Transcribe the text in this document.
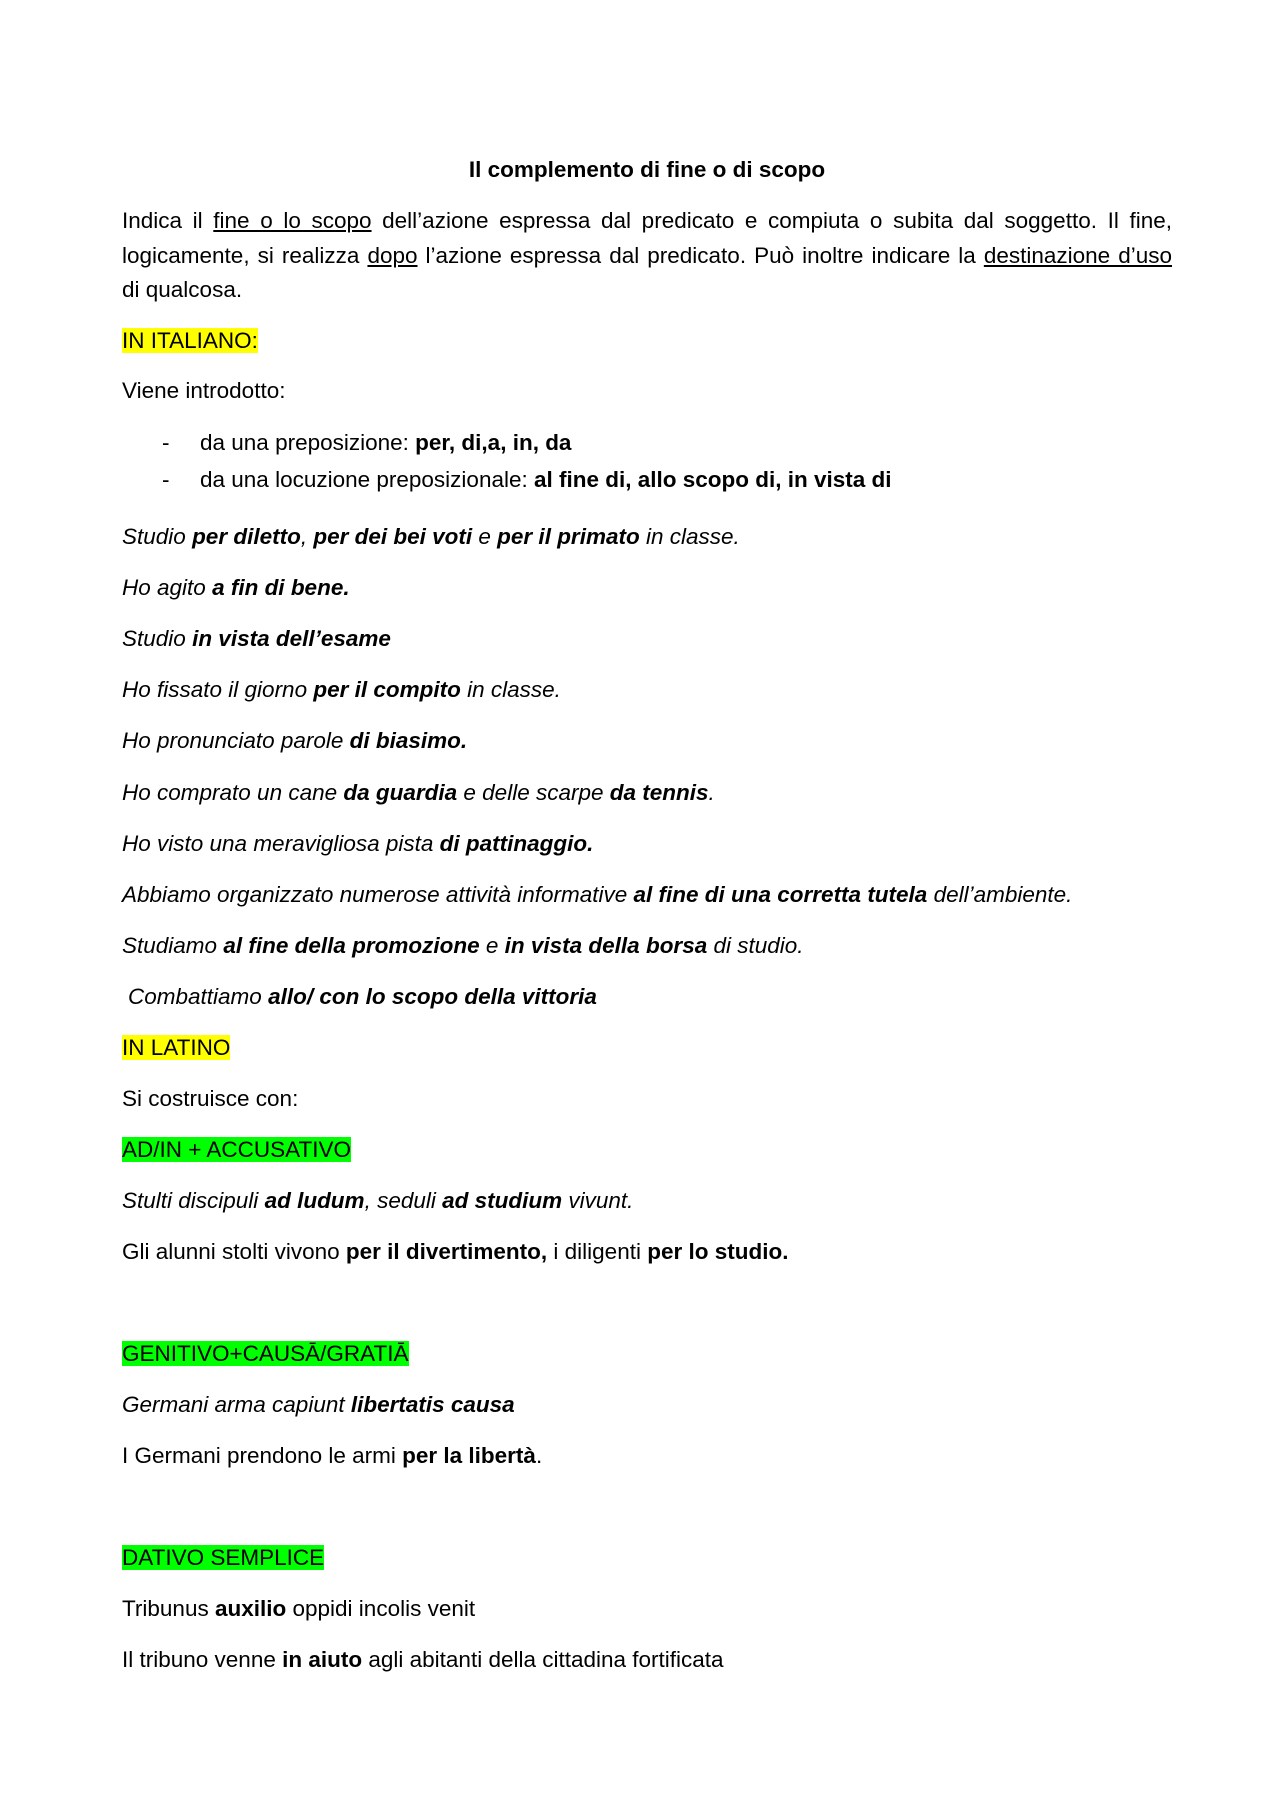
Il complemento di fine o di scopo
Indica il fine o lo scopo dell’azione espressa dal predicato e compiuta o subita dal soggetto. Il fine, logicamente, si realizza dopo l’azione espressa dal predicato. Può inoltre indicare la destinazione d’uso di qualcosa.
IN ITALIANO:
Viene introdotto:
- da una preposizione: per, di,a, in, da
- da una locuzione preposizionale: al fine di, allo scopo di, in vista di
Studio per diletto, per dei bei voti e per il primato in classe.
Ho agito a fin di bene.
Studio in vista dell’esame
Ho fissato il giorno per il compito in classe.
Ho pronunciato parole di biasimo.
Ho comprato un cane da guardia e delle scarpe da tennis.
Ho visto una meravigliosa pista di pattinaggio.
Abbiamo organizzato numerose attività informative al fine di una corretta tutela dell’ambiente.
Studiamo al fine della promozione e in vista della borsa di studio.
Combattiamo allo/ con lo scopo della vittoria
IN LATINO
Si costruisce con:
AD/IN + ACCUSATIVO
Stulti discipuli ad ludum, seduli ad studium vivunt.
Gli alunni stolti vivono per il divertimento, i diligenti per lo studio.
GENITIVO+CAUSĀ/GRATIĀ
Germani arma capiunt libertatis causa
I Germani prendono le armi per la libertà.
DATIVO SEMPLICE
Tribunus auxilio oppidi incolis venit
Il tribuno venne in aiuto agli abitanti della cittadina fortificata
